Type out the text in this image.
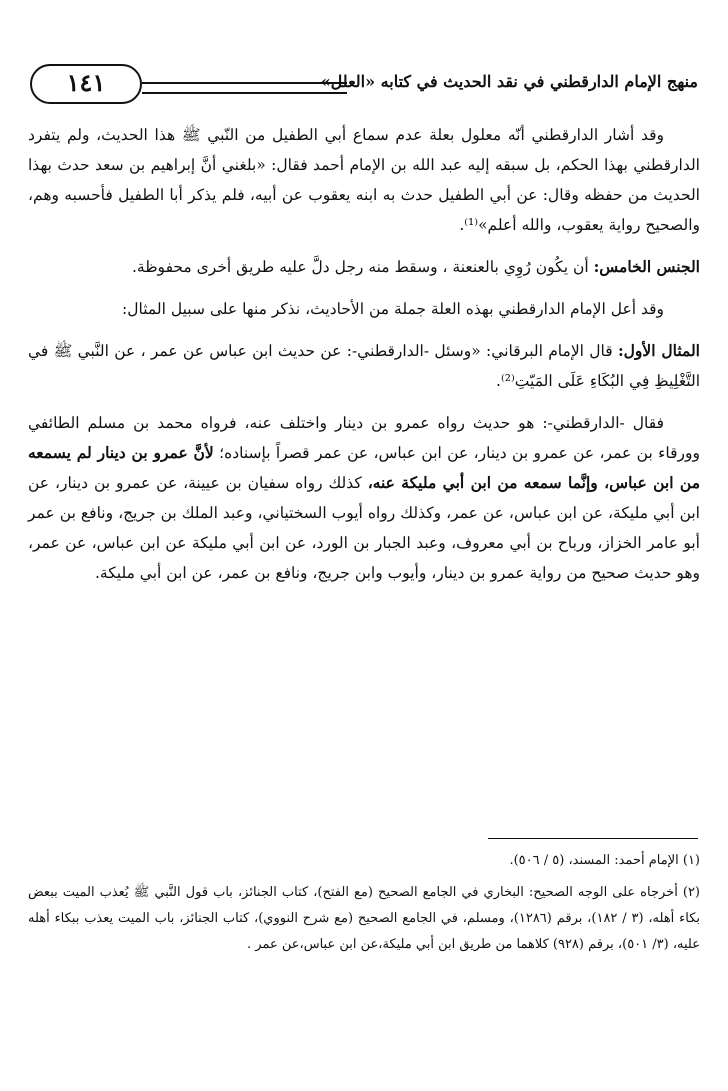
منهج الإمام الدارقطني في نقد الحديث في كتابه «العلل»
١٤١

وقد أشار الدارقطني أنّه معلول بعلة عدم سماع أبي الطفيل من النّبي ﷺ هذا الحديث، ولم يتفرد الدارقطني بهذا الحكم، بل سبقه إليه عبد الله بن الإمام أحمد فقال: «بلغني أنَّ إبراهيم بن سعد حدث بهذا الحديث من حفظه وقال: عن أبي الطفيل حدث به ابنه يعقوب عن أبيه، فلم يذكر أبا الطفيل فأحسبه وهم، والصحيح رواية يعقوب، والله أعلم»⁽¹⁾.

الجنس الخامس: أن يكُون رُوِي بالعنعنة ، وسقط منه رجل دلَّ عليه طريق أخرى محفوظة.

وقد أعل الإمام الدارقطني بهذه العلة جملة من الأحاديث، نذكر منها على سبيل المثال:

المثال الأول: قال الإمام البرقاني: «وسئل -الدارقطني-: عن حديث ابن عباس عن عمر ، عن النَّبي ﷺ في التَّغْلِيظِ فِي البُكَاءِ عَلَى المَيّتِ⁽²⁾.

فقال -الدارقطني-: هو حديث رواه عمرو بن دينار واختلف عنه، فرواه محمد بن مسلم الطائفي وورقاء بن عمر، عن عمرو بن دينار، عن ابن عباس، عن عمر قصراً بإسناده؛ لأنَّ عمرو بن دينار لم يسمعه من ابن عباس، وإنَّما سمعه من ابن أبي مليكة عنه، كذلك رواه سفيان بن عيينة، عن عمرو بن دينار، عن ابن أبي مليكة، عن ابن عباس، عن عمر، وكذلك رواه أيوب السختياني، وعبد الملك بن جريج، ونافع بن عمر أبو عامر الخزاز، ورباح بن أبي معروف، وعبد الجبار بن الورد، عن ابن أبي مليكة عن ابن عباس، عن عمر، وهو حديث صحيح من رواية عمرو بن دينار، وأيوب وابن جريج، ونافع بن عمر، عن ابن أبي مليكة.

(١) الإمام أحمد: المسند، (٥ / ٥٠٦).

(٢) أخرجاه على الوجه الصحيح: البخاري في الجامع الصحيح (مع الفتح)، كتاب الجنائز، باب قول النَّبي ﷺ يُعذب الميت ببعض بكاء أهله، (٣ / ١٨٢)، برقم (١٢٨٦)، ومسلم، في الجامع الصحيح (مع شرح النووي)، كتاب الجنائز، باب الميت يعذب ببكاء أهله عليه، (٣/ ٥٠١)، برقم (٩٢٨) كلاهما من طريق ابن أبي مليكة،عن ابن عباس،عن عمر .
